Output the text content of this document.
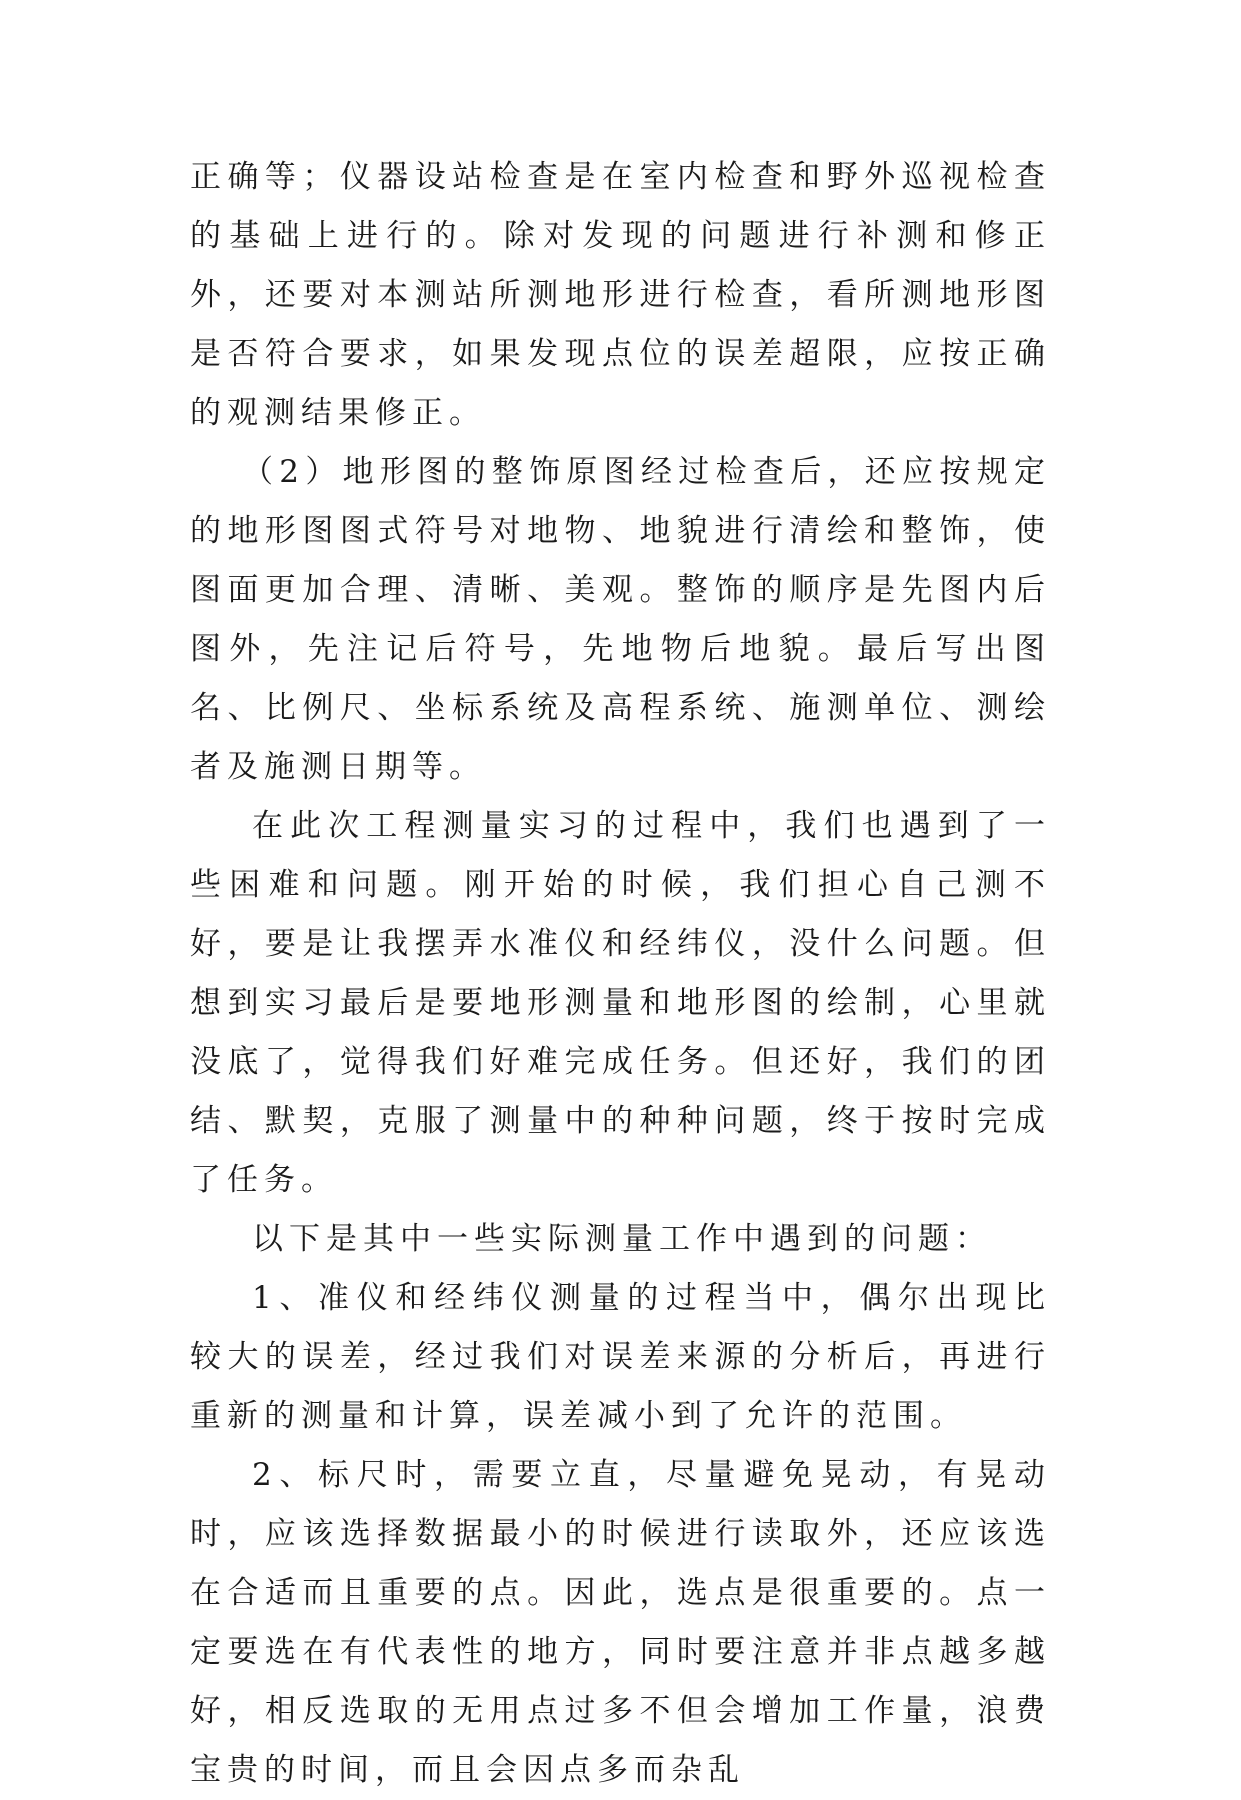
正确等；仪器设站检查是在室内检查和野外巡视检查的基础上进行的。除对发现的问题进行补测和修正外，还要对本测站所测地形进行检查，看所测地形图是否符合要求，如果发现点位的误差超限，应按正确的观测结果修正。

（2）地形图的整饰原图经过检查后，还应按规定的地形图图式符号对地物、地貌进行清绘和整饰，使图面更加合理、清晰、美观。整饰的顺序是先图内后图外，先注记后符号，先地物后地貌。最后写出图名、比例尺、坐标系统及高程系统、施测单位、测绘者及施测日期等。

在此次工程测量实习的过程中，我们也遇到了一些困难和问题。刚开始的时候，我们担心自己测不好，要是让我摆弄水准仪和经纬仪，没什么问题。但想到实习最后是要地形测量和地形图的绘制，心里就没底了，觉得我们好难完成任务。但还好，我们的团结、默契，克服了测量中的种种问题，终于按时完成了任务。

以下是其中一些实际测量工作中遇到的问题：

1、准仪和经纬仪测量的过程当中，偶尔出现比较大的误差，经过我们对误差来源的分析后，再进行重新的测量和计算，误差减小到了允许的范围。

2、标尺时，需要立直，尽量避免晃动，有晃动时，应该选择数据最小的时候进行读取外，还应该选在合适而且重要的点。因此，选点是很重要的。点一定要选在有代表性的地方，同时要注意并非点越多越好，相反选取的无用点过多不但会增加工作量，浪费宝贵的时间，而且会因点多而杂乱
